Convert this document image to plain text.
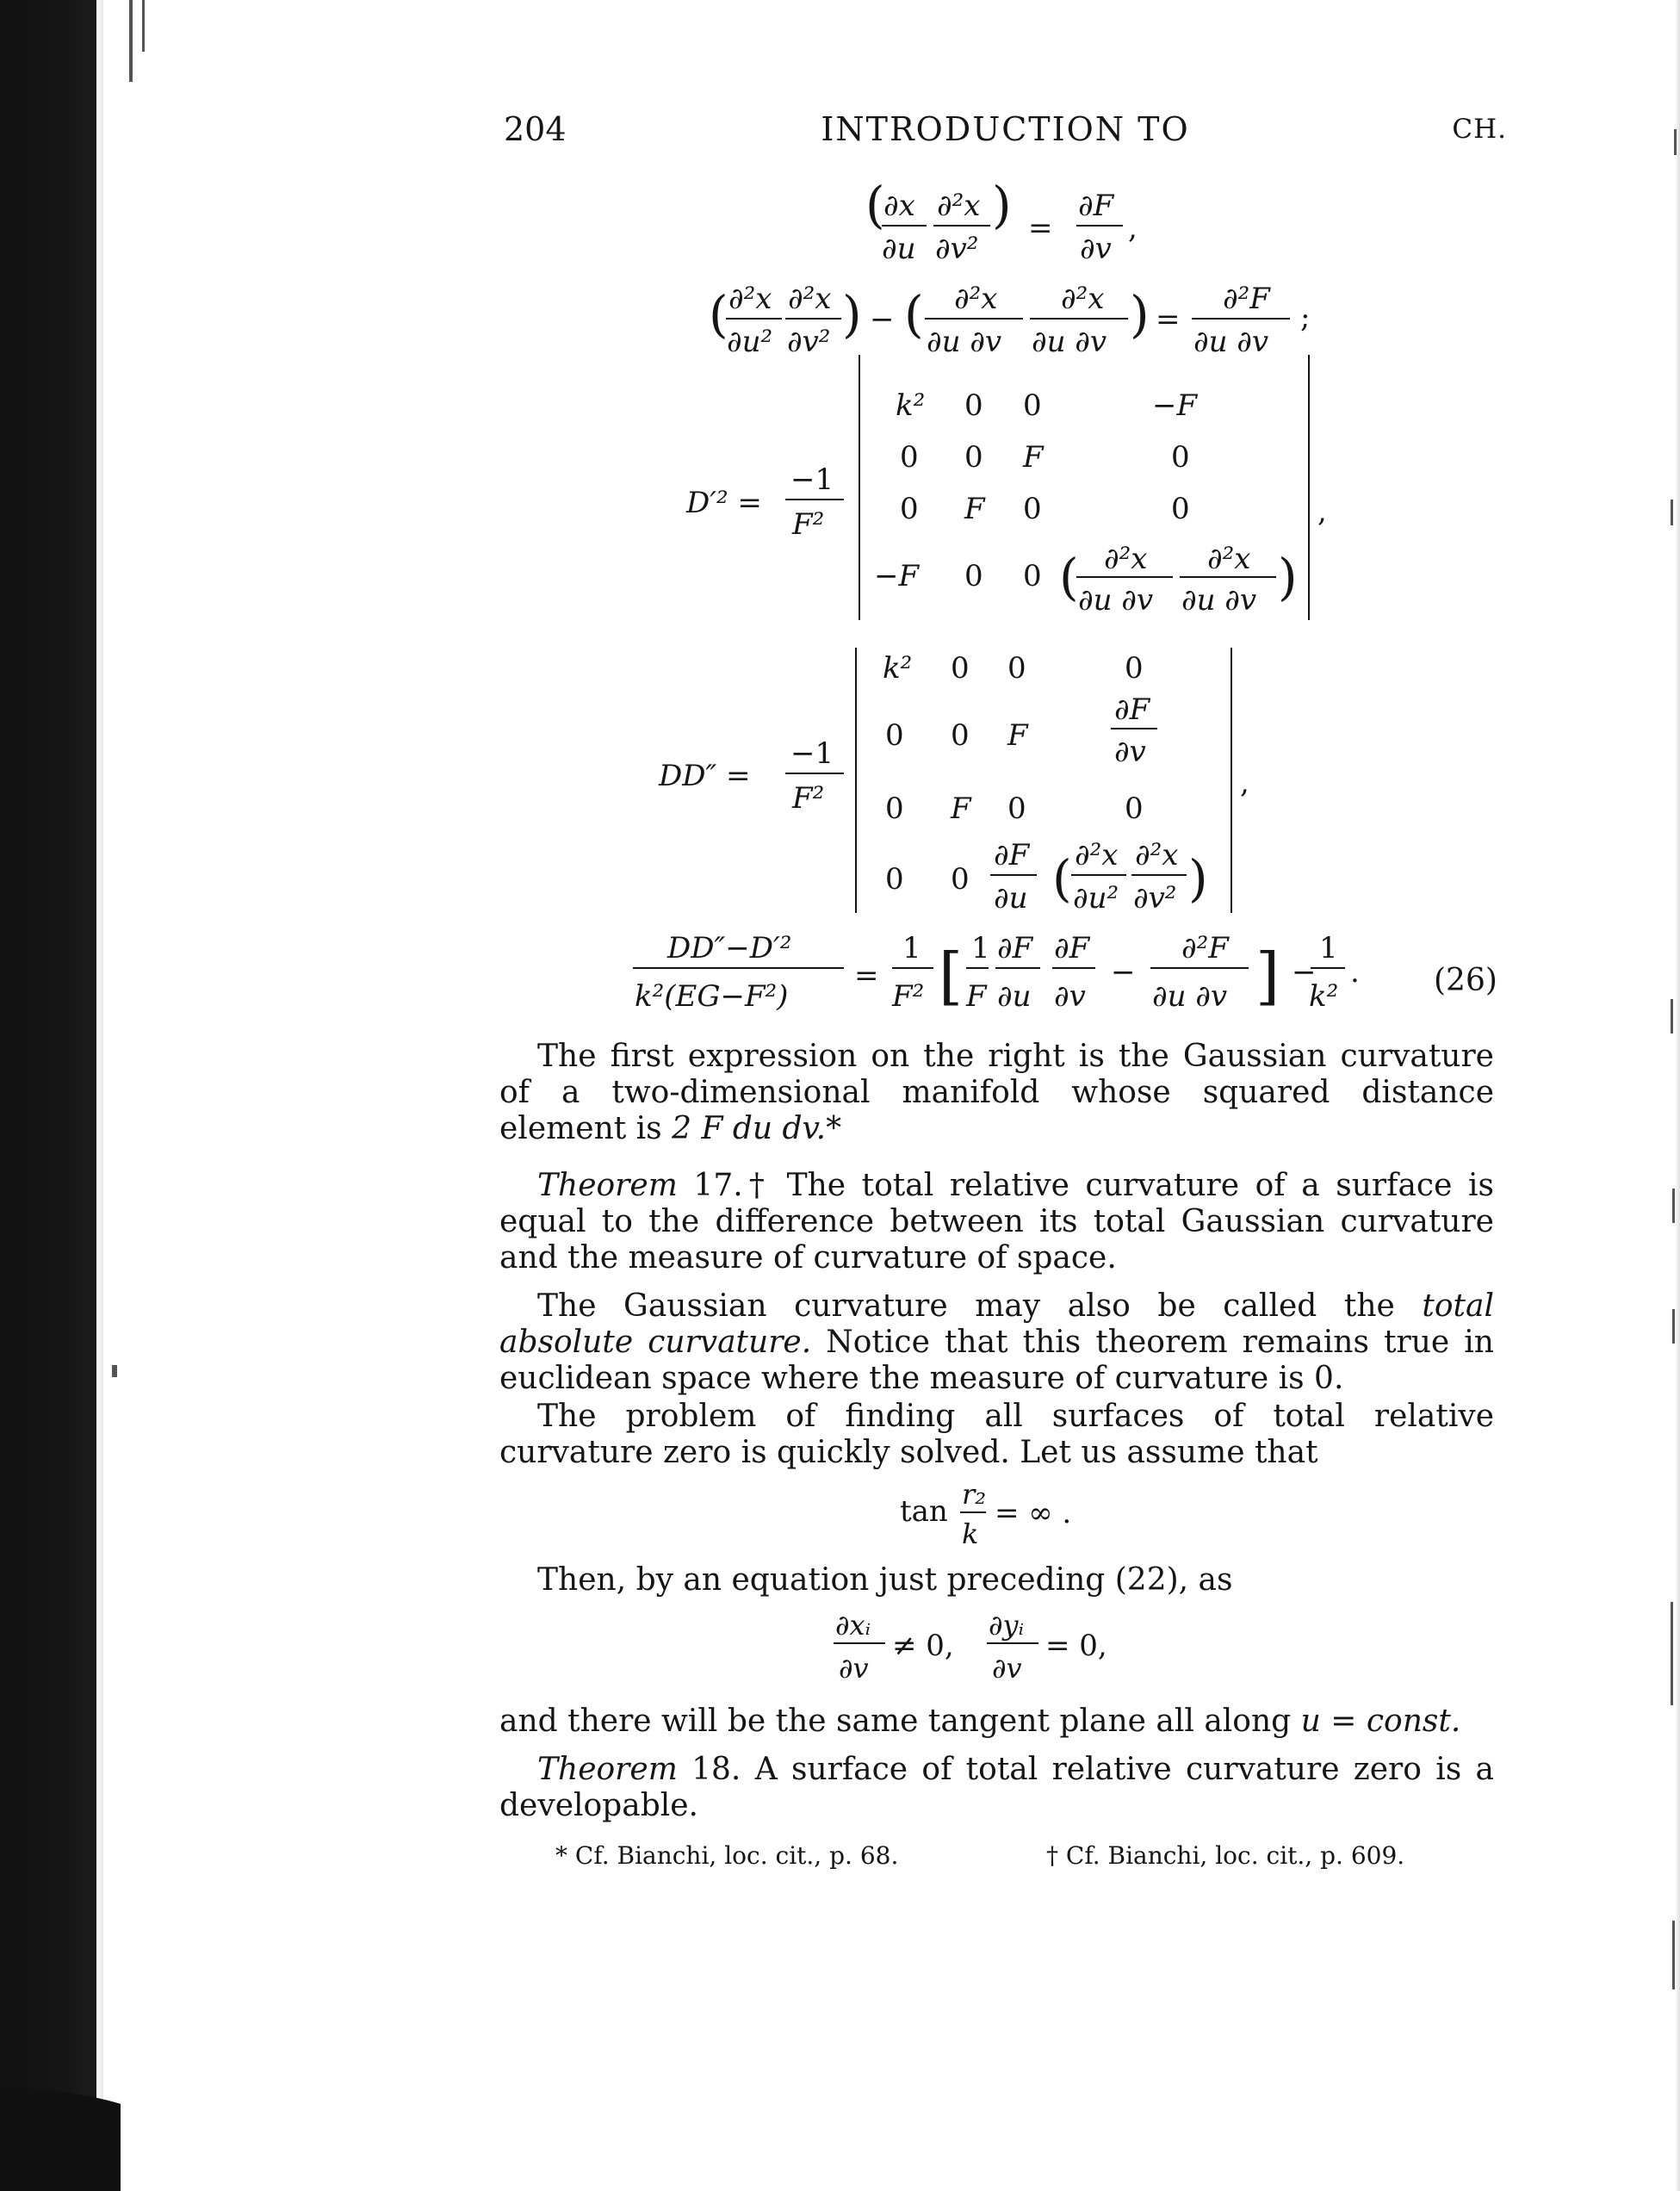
204	INTRODUCTION TO	CH.
(
∂x
∂u
∂²x
∂v²
) =
∂F
∂v
,
( ∂²x
∂u²
∂²x
∂v² ) − ( ∂²x
∂u ∂v
∂²x
∂u ∂v ) =
∂²F
∂u ∂v
;
D′² =
−1
F²	,
k² 0 0	−F
0 0 F	0
0 F 0	0
−F 0 0 ( ∂²x
∂u ∂v
∂²x
∂u ∂v )
DD″ =
−1
F²	,
k² 0 0	0
0 0 F
∂F
∂v
0 F 0	0
0 0
∂F
∂u ( ∂²x
∂u²
∂²x
∂v² )
DD″−D′²
k²(EG−F²)
=
1
F² [ 1
F
∂F
∂u
∂F
∂v
−
∂²F
∂u ∂v ] −
1
k²
. (26)

The first expression on the right is the Gaussian curvature of a two-dimensional manifold whose squared distance element is 2 F du dv.*

Theorem 17.† The total relative curvature of a surface is equal to the difference between its total Gaussian curvature and the measure of curvature of space.

The Gaussian curvature may also be called the total absolute curvature. Notice that this theorem remains true in euclidean space where the measure of curvature is 0.

The problem of finding all surfaces of total relative curvature zero is quickly solved. Let us assume that

tan r₂
k
= ∞ .

Then, by an equation just preceding (22), as

∂xᵢ
∂v
≠ 0,
∂yᵢ
∂v
= 0,

and there will be the same tangent plane all along u = const.

Theorem 18. A surface of total relative curvature zero is a developable.

* Cf. Bianchi, loc. cit., p. 68.	† Cf. Bianchi, loc. cit., p. 609.
